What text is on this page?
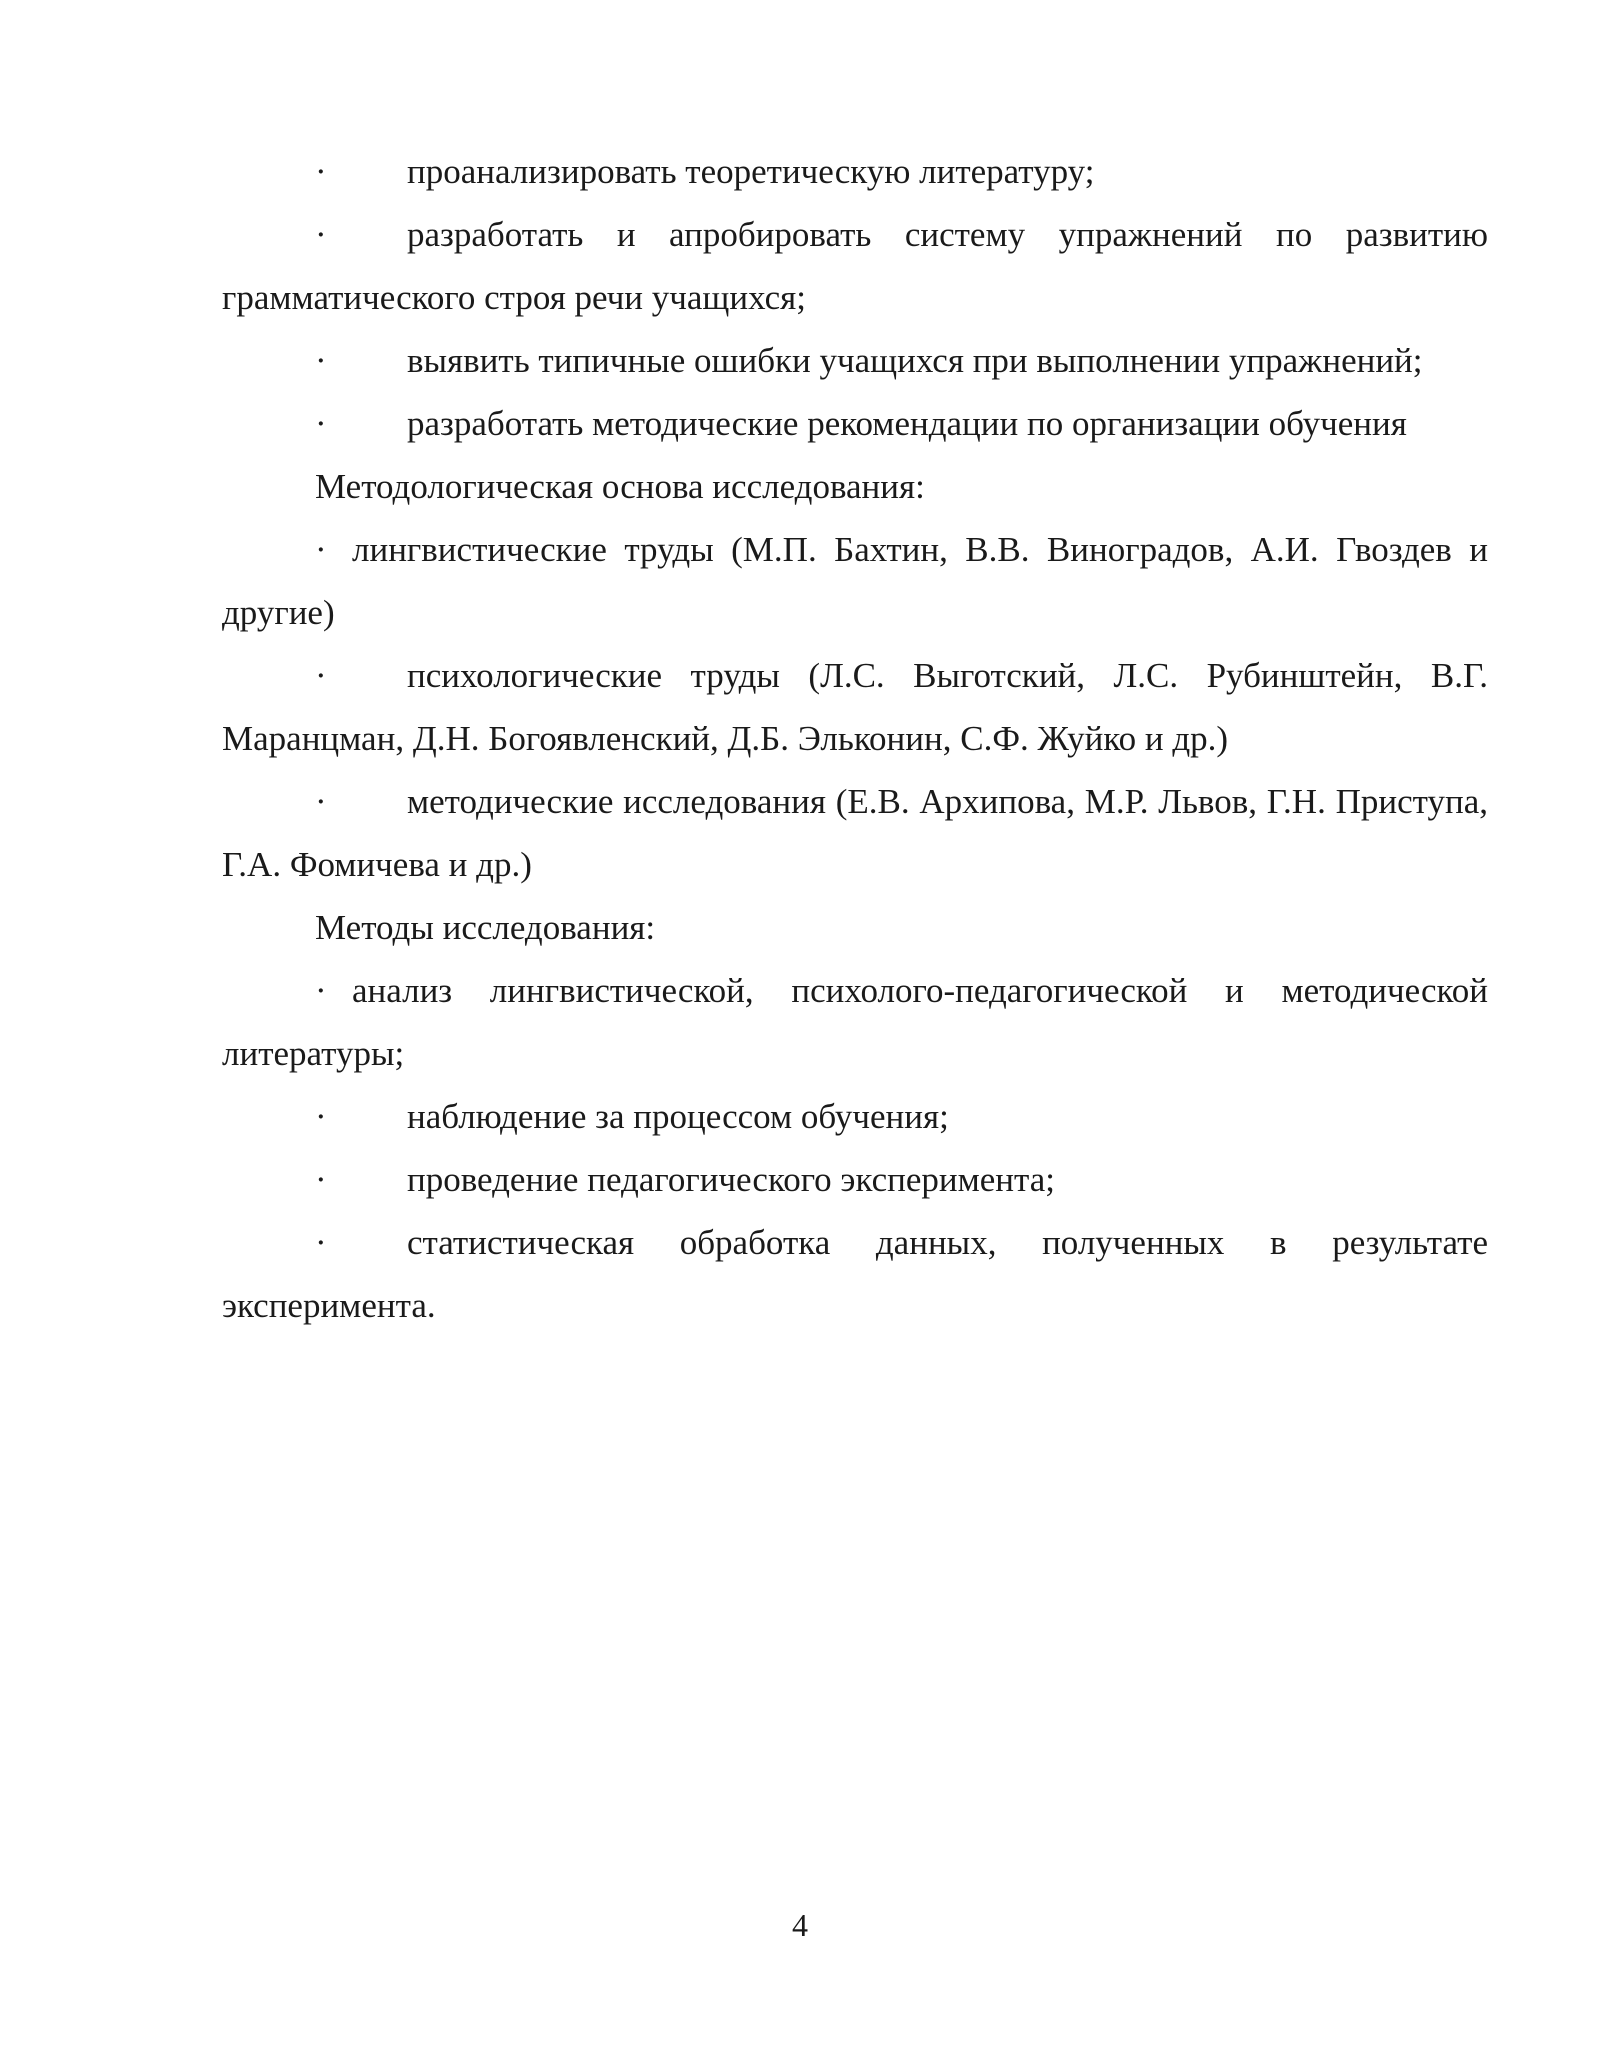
· проанализировать теоретическую литературу;

· разработать и апробировать систему упражнений по развитию грамматического строя речи учащихся;

· выявить типичные ошибки учащихся при выполнении упражнений;

· разработать методические рекомендации по организации обучения

Методологическая основа исследования:

· лингвистические труды (М.П. Бахтин, В.В. Виноградов, А.И. Гвоздев и другие)

· психологические труды (Л.С. Выготский, Л.С. Рубинштейн, В.Г. Маранцман, Д.Н. Богоявленский, Д.Б. Эльконин, С.Ф. Жуйко и др.)

· методические исследования (Е.В. Архипова, М.Р. Львов, Г.Н. Приступа, Г.А. Фомичева и др.)

Методы исследования:

· анализ лингвистической, психолого-педагогической и методической литературы;

· наблюдение за процессом обучения;

· проведение педагогического эксперимента;

· статистическая обработка данных, полученных в результате эксперимента.

4
